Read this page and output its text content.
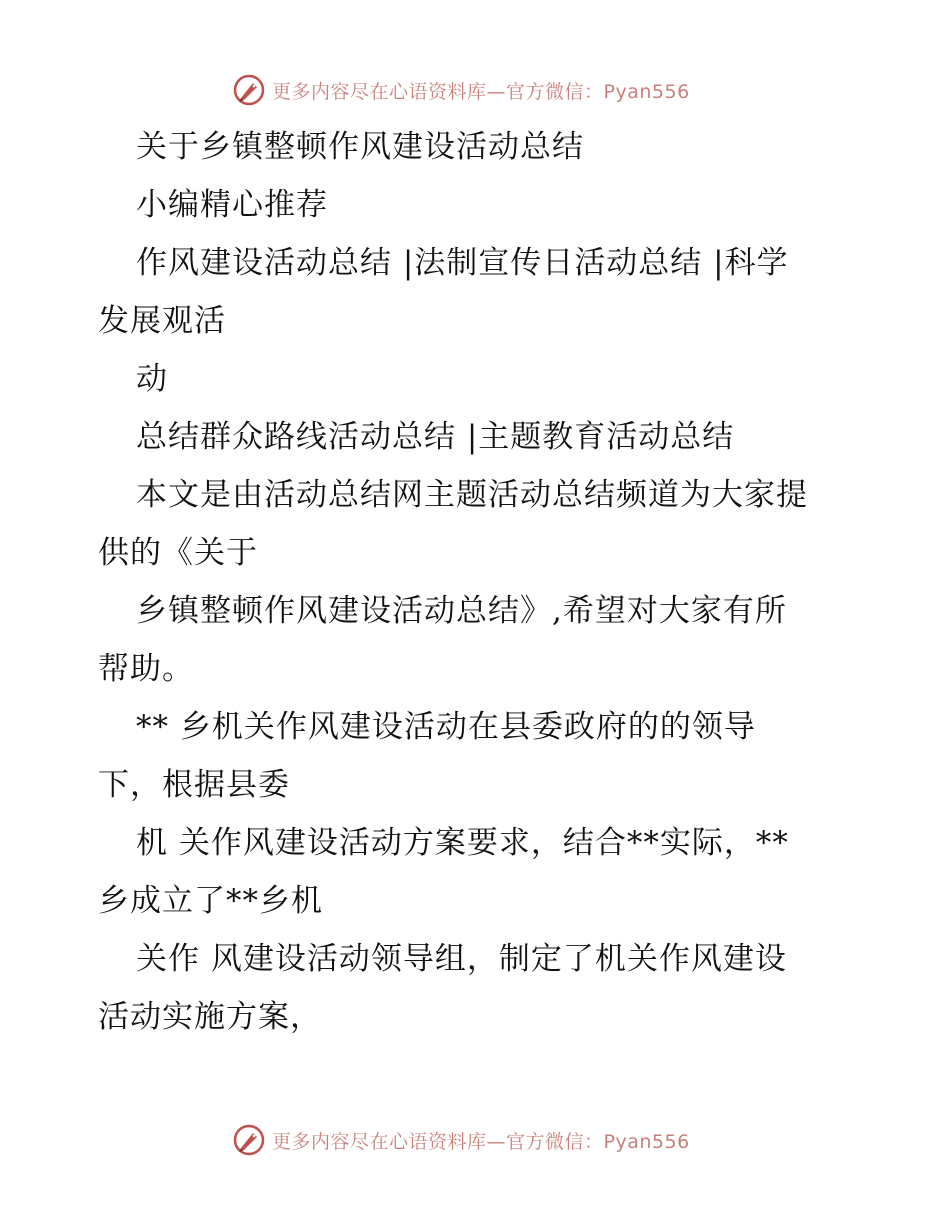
更多内容尽在心语资料库—官方微信：Pyan556
关于乡镇整顿作风建设活动总结
小编精心推荐
作风建设活动总结 |法制宣传日活动总结 |科学
发展观活
动
总结群众路线活动总结 |主题教育活动总结
本文是由活动总结网主题活动总结频道为大家提
供的《关于
乡镇整顿作风建设活动总结》,希望对大家有所
帮助。
** 乡机关作风建设活动在县委政府的的领导
下，根据县委
机 关作风建设活动方案要求，结合**实际，**
乡成立了**乡机
关作 风建设活动领导组，制定了机关作风建设
活动实施方案，
更多内容尽在心语资料库—官方微信：Pyan556
